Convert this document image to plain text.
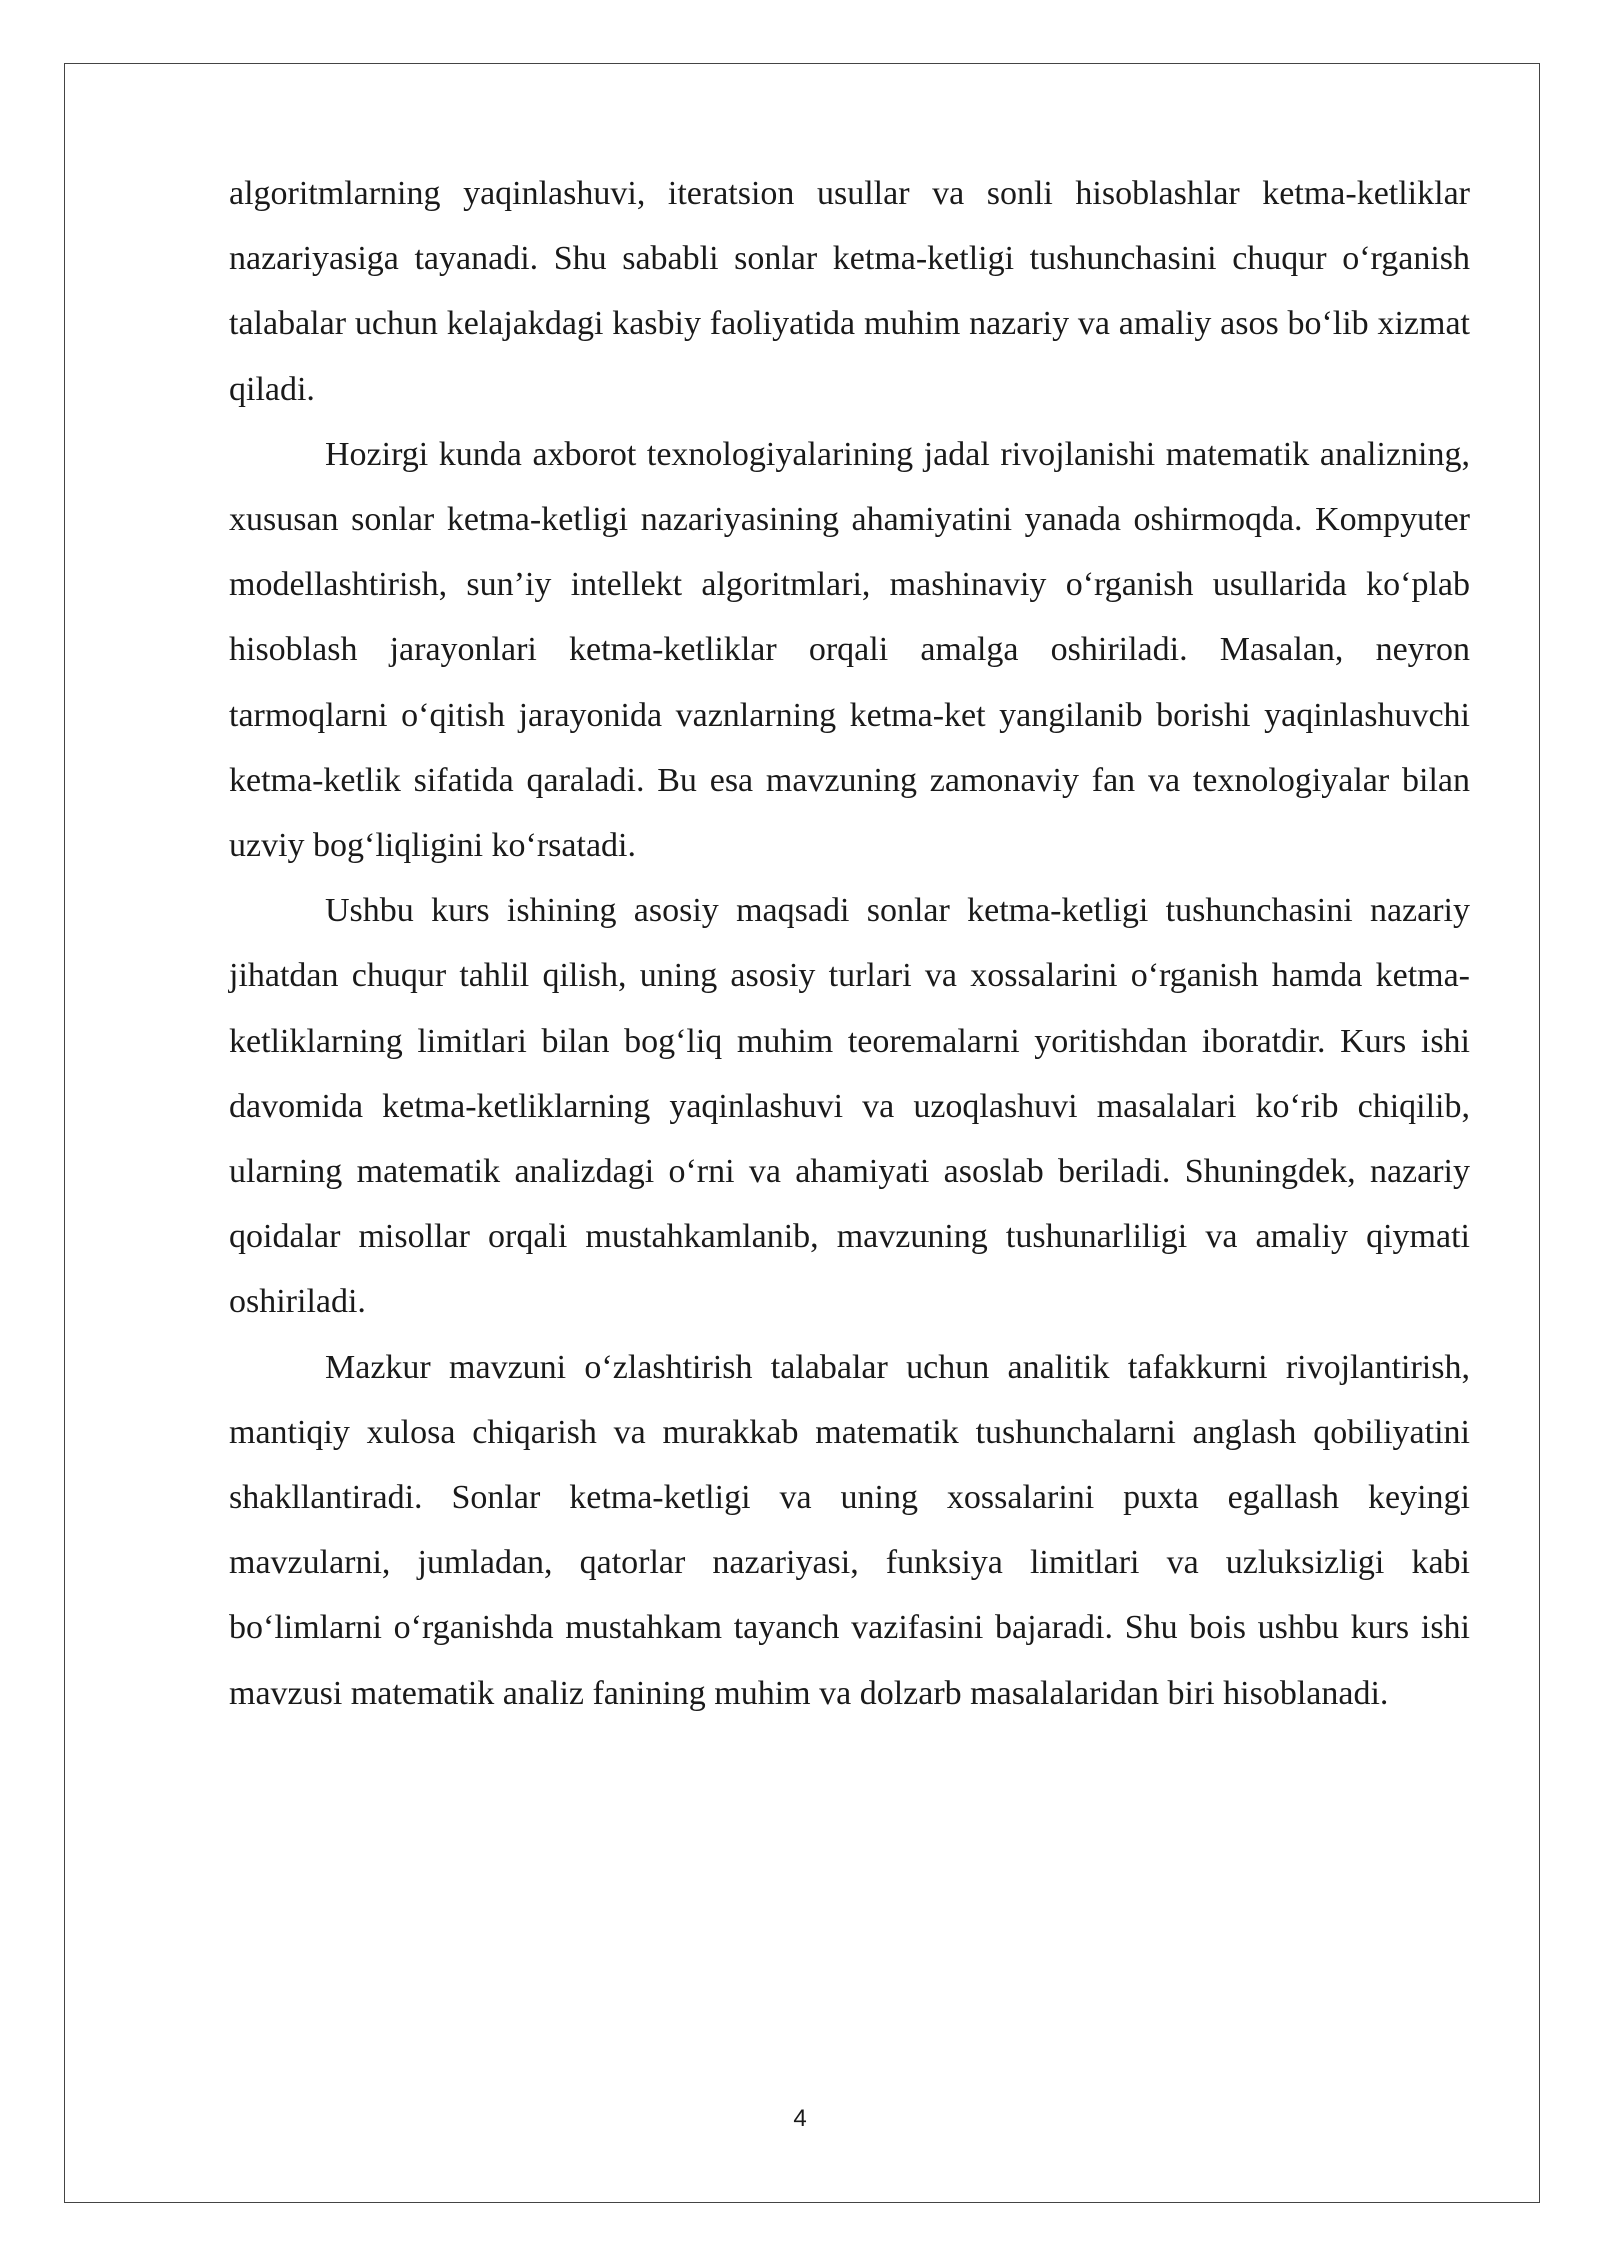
algoritmlarning yaqinlashuvi, iteratsion usullar va sonli hisoblashlar ketma-ketliklar nazariyasiga tayanadi. Shu sababli sonlar ketma-ketligi tushunchasini chuqur o‘rganish talabalar uchun kelajakdagi kasbiy faoliyatida muhim nazariy va amaliy asos bo‘lib xizmat qiladi.

Hozirgi kunda axborot texnologiyalarining jadal rivojlanishi matematik analizning, xususan sonlar ketma-ketligi nazariyasining ahamiyatini yanada oshirmoqda. Kompyuter modellashtirish, sun’iy intellekt algoritmlari, mashinaviy o‘rganish usullarida ko‘plab hisoblash jarayonlari ketma-ketliklar orqali amalga oshiriladi. Masalan, neyron tarmoqlarni o‘qitish jarayonida vaznlarning ketma-ket yangilanib borishi yaqinlashuvchi ketma-ketlik sifatida qaraladi. Bu esa mavzuning zamonaviy fan va texnologiyalar bilan uzviy bog‘liqligini ko‘rsatadi.

Ushbu kurs ishining asosiy maqsadi sonlar ketma-ketligi tushunchasini nazariy jihatdan chuqur tahlil qilish, uning asosiy turlari va xossalarini o‘rganish hamda ketma-ketliklarning limitlari bilan bog‘liq muhim teoremalarni yoritishdan iboratdir. Kurs ishi davomida ketma-ketliklarning yaqinlashuvi va uzoqlashuvi masalalari ko‘rib chiqilib, ularning matematik analizdagi o‘rni va ahamiyati asoslab beriladi. Shuningdek, nazariy qoidalar misollar orqali mustahkamlanib, mavzuning tushunarliligi va amaliy qiymati oshiriladi.

Mazkur mavzuni o‘zlashtirish talabalar uchun analitik tafakkurni rivojlantirish, mantiqiy xulosa chiqarish va murakkab matematik tushunchalarni anglash qobiliyatini shakllantiradi. Sonlar ketma-ketligi va uning xossalarini puxta egallash keyingi mavzularni, jumladan, qatorlar nazariyasi, funksiya limitlari va uzluksizligi kabi bo‘limlarni o‘rganishda mustahkam tayanch vazifasini bajaradi. Shu bois ushbu kurs ishi mavzusi matematik analiz fanining muhim va dolzarb masalalaridan biri hisoblanadi.

4
